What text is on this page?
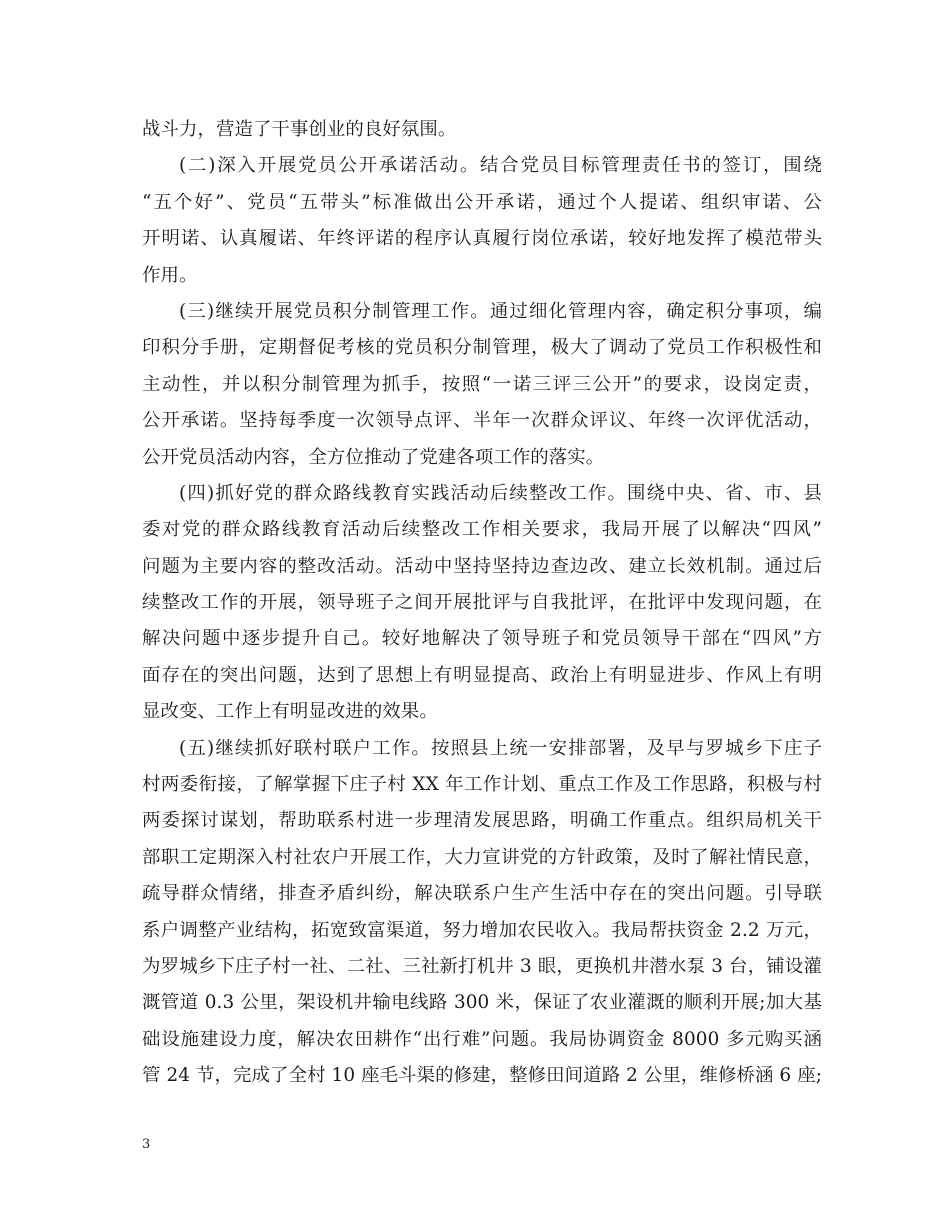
战斗力，营造了干事创业的良好氛围。
(二)深入开展党员公开承诺活动。结合党员目标管理责任书的签订，围绕
“五个好”、党员“五带头”标准做出公开承诺，通过个人提诺、组织审诺、公
开明诺、认真履诺、年终评诺的程序认真履行岗位承诺，较好地发挥了模范带头
作用。
(三)继续开展党员积分制管理工作。通过细化管理内容，确定积分事项，编
印积分手册，定期督促考核的党员积分制管理，极大了调动了党员工作积极性和
主动性，并以积分制管理为抓手，按照“一诺三评三公开”的要求，设岗定责，
公开承诺。坚持每季度一次领导点评、半年一次群众评议、年终一次评优活动，
公开党员活动内容，全方位推动了党建各项工作的落实。
(四)抓好党的群众路线教育实践活动后续整改工作。围绕中央、省、市、县
委对党的群众路线教育活动后续整改工作相关要求，我局开展了以解决“四风”
问题为主要内容的整改活动。活动中坚持坚持边查边改、建立长效机制。通过后
续整改工作的开展，领导班子之间开展批评与自我批评，在批评中发现问题，在
解决问题中逐步提升自己。较好地解决了领导班子和党员领导干部在“四风”方
面存在的突出问题，达到了思想上有明显提高、政治上有明显进步、作风上有明
显改变、工作上有明显改进的效果。
(五)继续抓好联村联户工作。按照县上统一安排部署，及早与罗城乡下庄子
村两委衔接，了解掌握下庄子村 XX 年工作计划、重点工作及工作思路，积极与村
两委探讨谋划，帮助联系村进一步理清发展思路，明确工作重点。组织局机关干
部职工定期深入村社农户开展工作，大力宣讲党的方针政策，及时了解社情民意，
疏导群众情绪，排查矛盾纠纷，解决联系户生产生活中存在的突出问题。引导联
系户调整产业结构，拓宽致富渠道，努力增加农民收入。我局帮扶资金 2.2 万元，
为罗城乡下庄子村一社、二社、三社新打机井 3 眼，更换机井潜水泵 3 台，铺设灌
溉管道 0.3 公里，架设机井输电线路 300 米，保证了农业灌溉的顺利开展;加大基
础设施建设力度，解决农田耕作“出行难”问题。我局协调资金 8000 多元购买涵
管 24 节，完成了全村 10 座毛斗渠的修建，整修田间道路 2 公里，维修桥涵 6 座;
3
